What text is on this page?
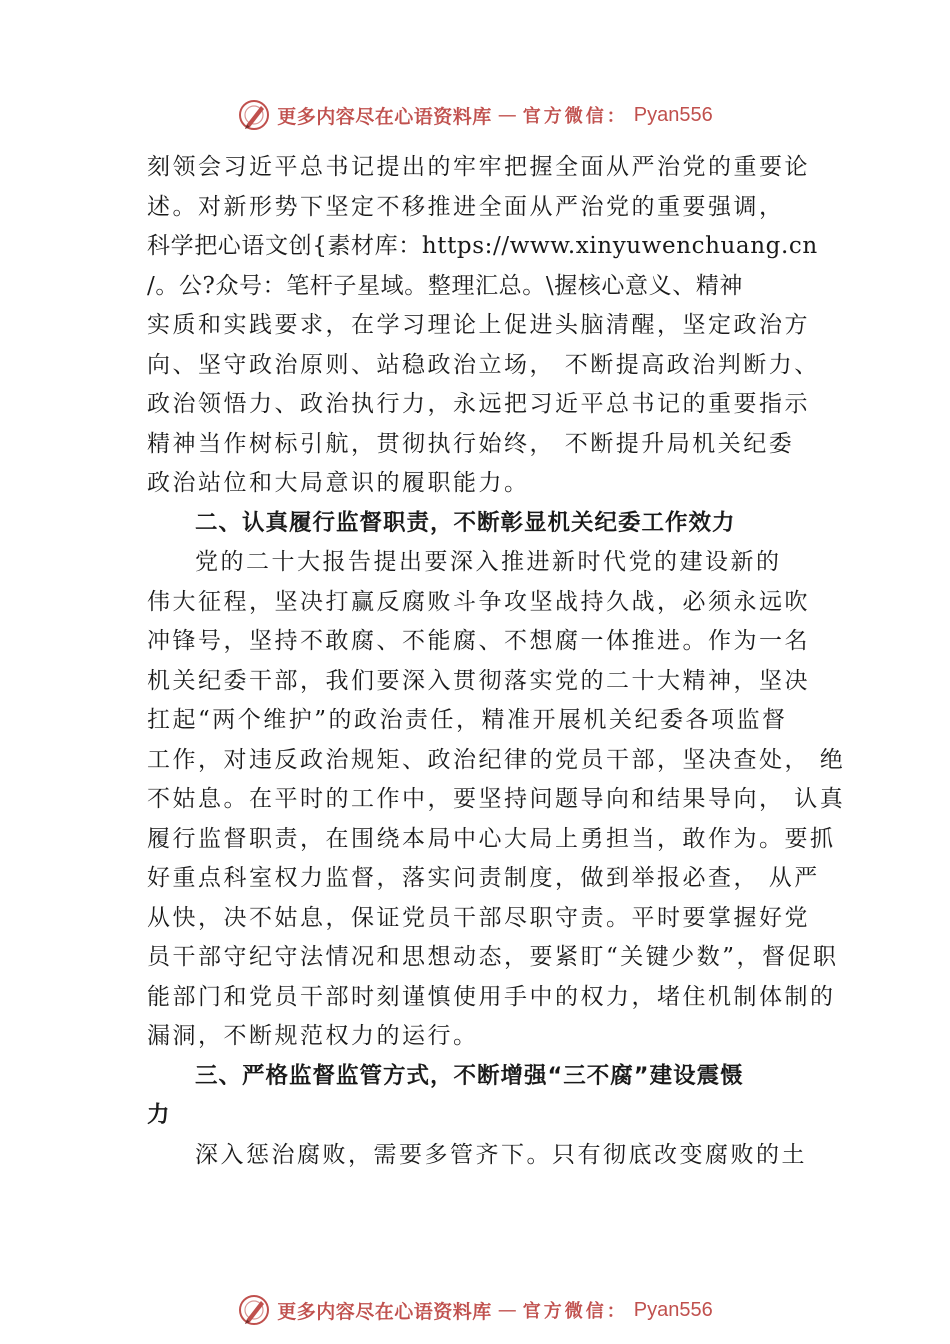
更多内容尽在心语资料库 — 官方微信： Pyan556
刻领会习近平总书记提出的牢牢把握全面从严治党的重要论
述。对新形势下坚定不移推进全面从严治党的重要强调，
科学把心语文创{素材库：https://www.xinyuwenchuang.cn
/。公?众号：笔杆子星域。整理汇总。\握核心意义、精神
实质和实践要求，在学习理论上促进头脑清醒，坚定政治方
向、坚守政治原则、站稳政治立场， 不断提高政治判断力、
政治领悟力、政治执行力，永远把习近平总书记的重要指示
精神当作树标引航，贯彻执行始终， 不断提升局机关纪委
政治站位和大局意识的履职能力。
二、认真履行监督职责，不断彰显机关纪委工作效力
党的二十大报告提出要深入推进新时代党的建设新的
伟大征程，坚决打赢反腐败斗争攻坚战持久战，必须永远吹
冲锋号，坚持不敢腐、不能腐、不想腐一体推进。作为一名
机关纪委干部，我们要深入贯彻落实党的二十大精神，坚决
扛起“两个维护”的政治责任，精准开展机关纪委各项监督
工作，对违反政治规矩、政治纪律的党员干部，坚决查处， 绝
不姑息。在平时的工作中，要坚持问题导向和结果导向， 认真
履行监督职责，在围绕本局中心大局上勇担当，敢作为。要抓
好重点科室权力监督，落实问责制度，做到举报必查， 从严
从快，决不姑息，保证党员干部尽职守责。平时要掌握好党
员干部守纪守法情况和思想动态，要紧盯“关键少数”，督促职
能部门和党员干部时刻谨慎使用手中的权力，堵住机制体制的
漏洞，不断规范权力的运行。
三、严格监督监管方式，不断增强“三不腐”建设震慑
力
深入惩治腐败，需要多管齐下。只有彻底改变腐败的土
更多内容尽在心语资料库 — 官方微信： Pyan556
